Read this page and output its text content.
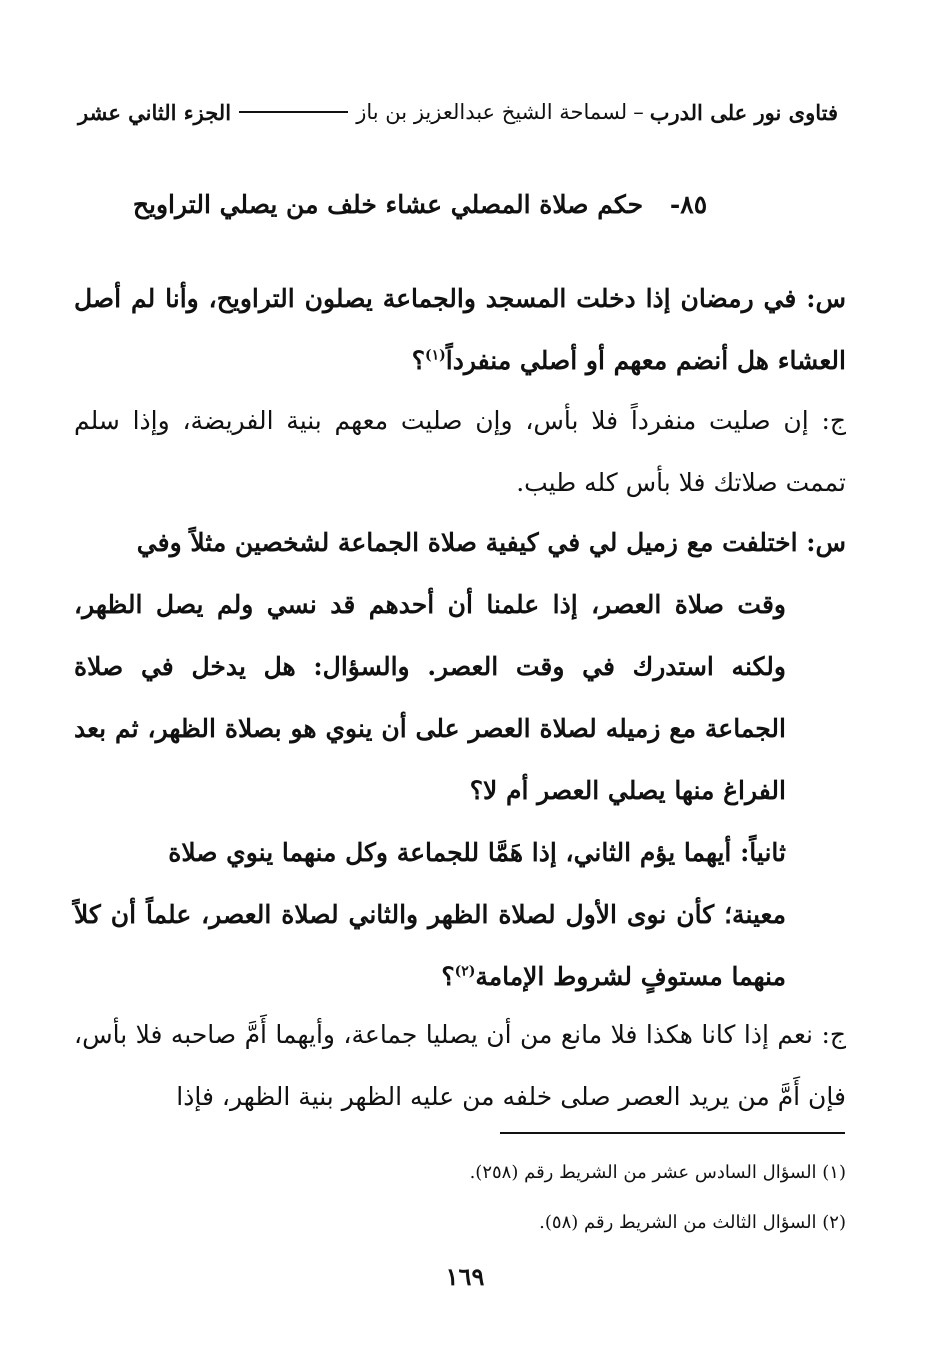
فتاوى نور على الدرب
–
لسماحة الشيخ عبدالعزيز بن باز
الجزء الثاني عشر
٨٥- حكم صلاة المصلي عشاء خلف من يصلي التراويح
س: في رمضان إذا دخلت المسجد والجماعة يصلون التراويح، وأنا لم أصل العشاء هل أنضم معهم أو أصلي منفرداً$^{(١)}$؟
ج: إن صليت منفرداً فلا بأس، وإن صليت معهم بنية الفريضة، وإذا سلم تممت صلاتك فلا بأس كله طيب.
س: اختلفت مع زميل لي في كيفية صلاة الجماعة لشخصين مثلاً وفي
وقت صلاة العصر، إذا علمنا أن أحدهم قد نسي ولم يصل الظهر، ولكنه استدرك في وقت العصر. والسؤال: هل يدخل في صلاة الجماعة مع زميله لصلاة العصر على أن ينوي هو بصلاة الظهر، ثم بعد الفراغ منها يصلي العصر أم لا؟
ثانياً: أيهما يؤم الثاني، إذا هَمَّا للجماعة وكل منهما ينوي صلاة
معينة؛ كأن نوى الأول لصلاة الظهر والثاني لصلاة العصر، علماً أن كلاً منهما مستوفٍ لشروط الإمامة$^{(٢)}$؟
ج: نعم إذا كانا هكذا فلا مانع من أن يصليا جماعة، وأيهما أَمَّ صاحبه فلا بأس، فإن أَمَّ من يريد العصر صلى خلفه من عليه الظهر بنية الظهر، فإذا
(١) السؤال السادس عشر من الشريط رقم (٢٥٨).
(٢) السؤال الثالث من الشريط رقم (٥٨).
١٦٩
